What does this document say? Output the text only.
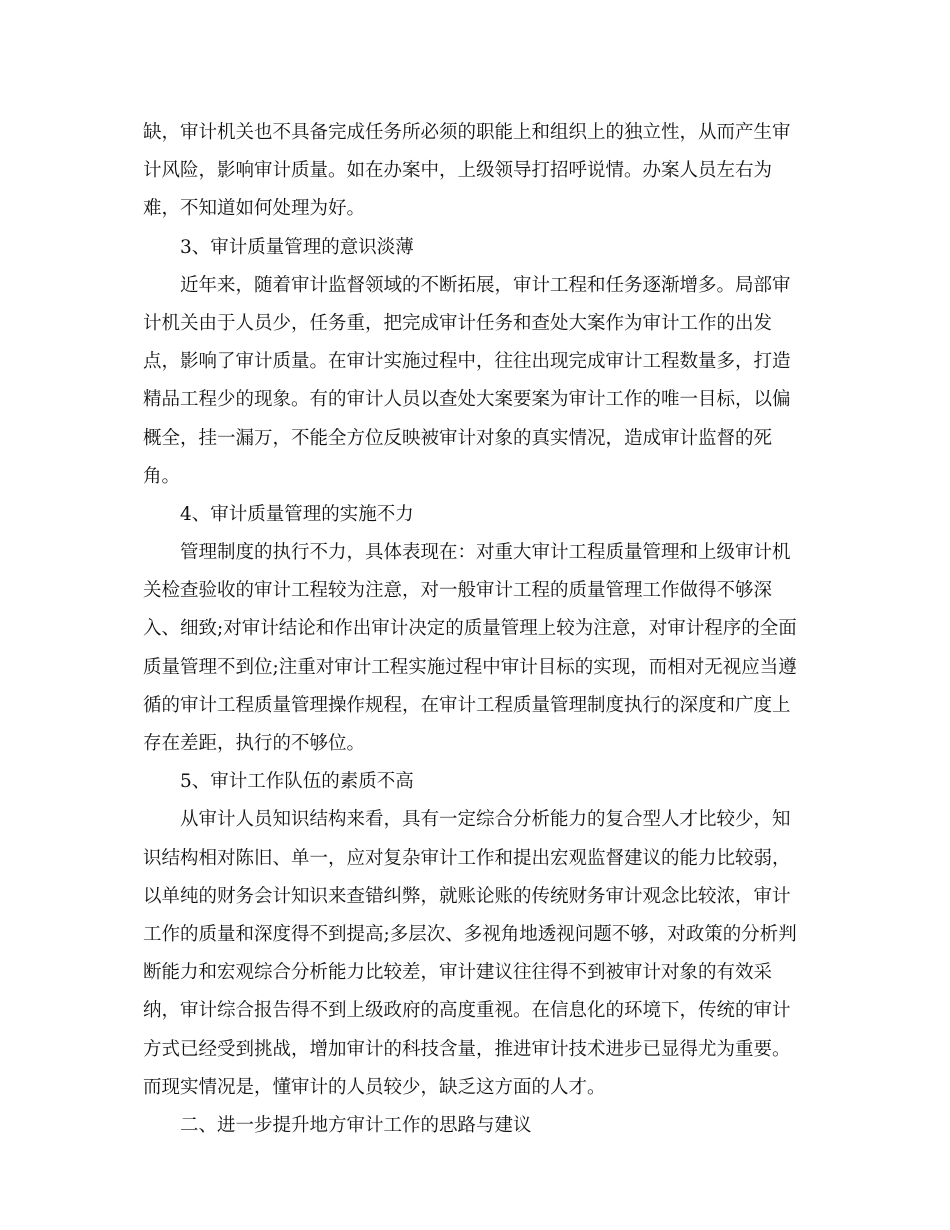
缺，审计机关也不具备完成任务所必须的职能上和组织上的独立性，从而产生审
计风险，影响审计质量。如在办案中，上级领导打招呼说情。办案人员左右为
难，不知道如何处理为好。
3、审计质量管理的意识淡薄
近年来，随着审计监督领域的不断拓展，审计工程和任务逐渐增多。局部审
计机关由于人员少，任务重，把完成审计任务和查处大案作为审计工作的出发
点，影响了审计质量。在审计实施过程中，往往出现完成审计工程数量多，打造
精品工程少的现象。有的审计人员以查处大案要案为审计工作的唯一目标，以偏
概全，挂一漏万，不能全方位反映被审计对象的真实情况，造成审计监督的死
角。
4、审计质量管理的实施不力
管理制度的执行不力，具体表现在：对重大审计工程质量管理和上级审计机
关检查验收的审计工程较为注意，对一般审计工程的质量管理工作做得不够深
入、细致;对审计结论和作出审计决定的质量管理上较为注意，对审计程序的全面
质量管理不到位;注重对审计工程实施过程中审计目标的实现，而相对无视应当遵
循的审计工程质量管理操作规程，在审计工程质量管理制度执行的深度和广度上
存在差距，执行的不够位。
5、审计工作队伍的素质不高
从审计人员知识结构来看，具有一定综合分析能力的复合型人才比较少，知
识结构相对陈旧、单一，应对复杂审计工作和提出宏观监督建议的能力比较弱，
以单纯的财务会计知识来查错纠弊，就账论账的传统财务审计观念比较浓，审计
工作的质量和深度得不到提高;多层次、多视角地透视问题不够，对政策的分析判
断能力和宏观综合分析能力比较差，审计建议往往得不到被审计对象的有效采
纳，审计综合报告得不到上级政府的高度重视。在信息化的环境下，传统的审计
方式已经受到挑战，增加审计的科技含量，推进审计技术进步已显得尤为重要。
而现实情况是，懂审计的人员较少，缺乏这方面的人才。
二、进一步提升地方审计工作的思路与建议
